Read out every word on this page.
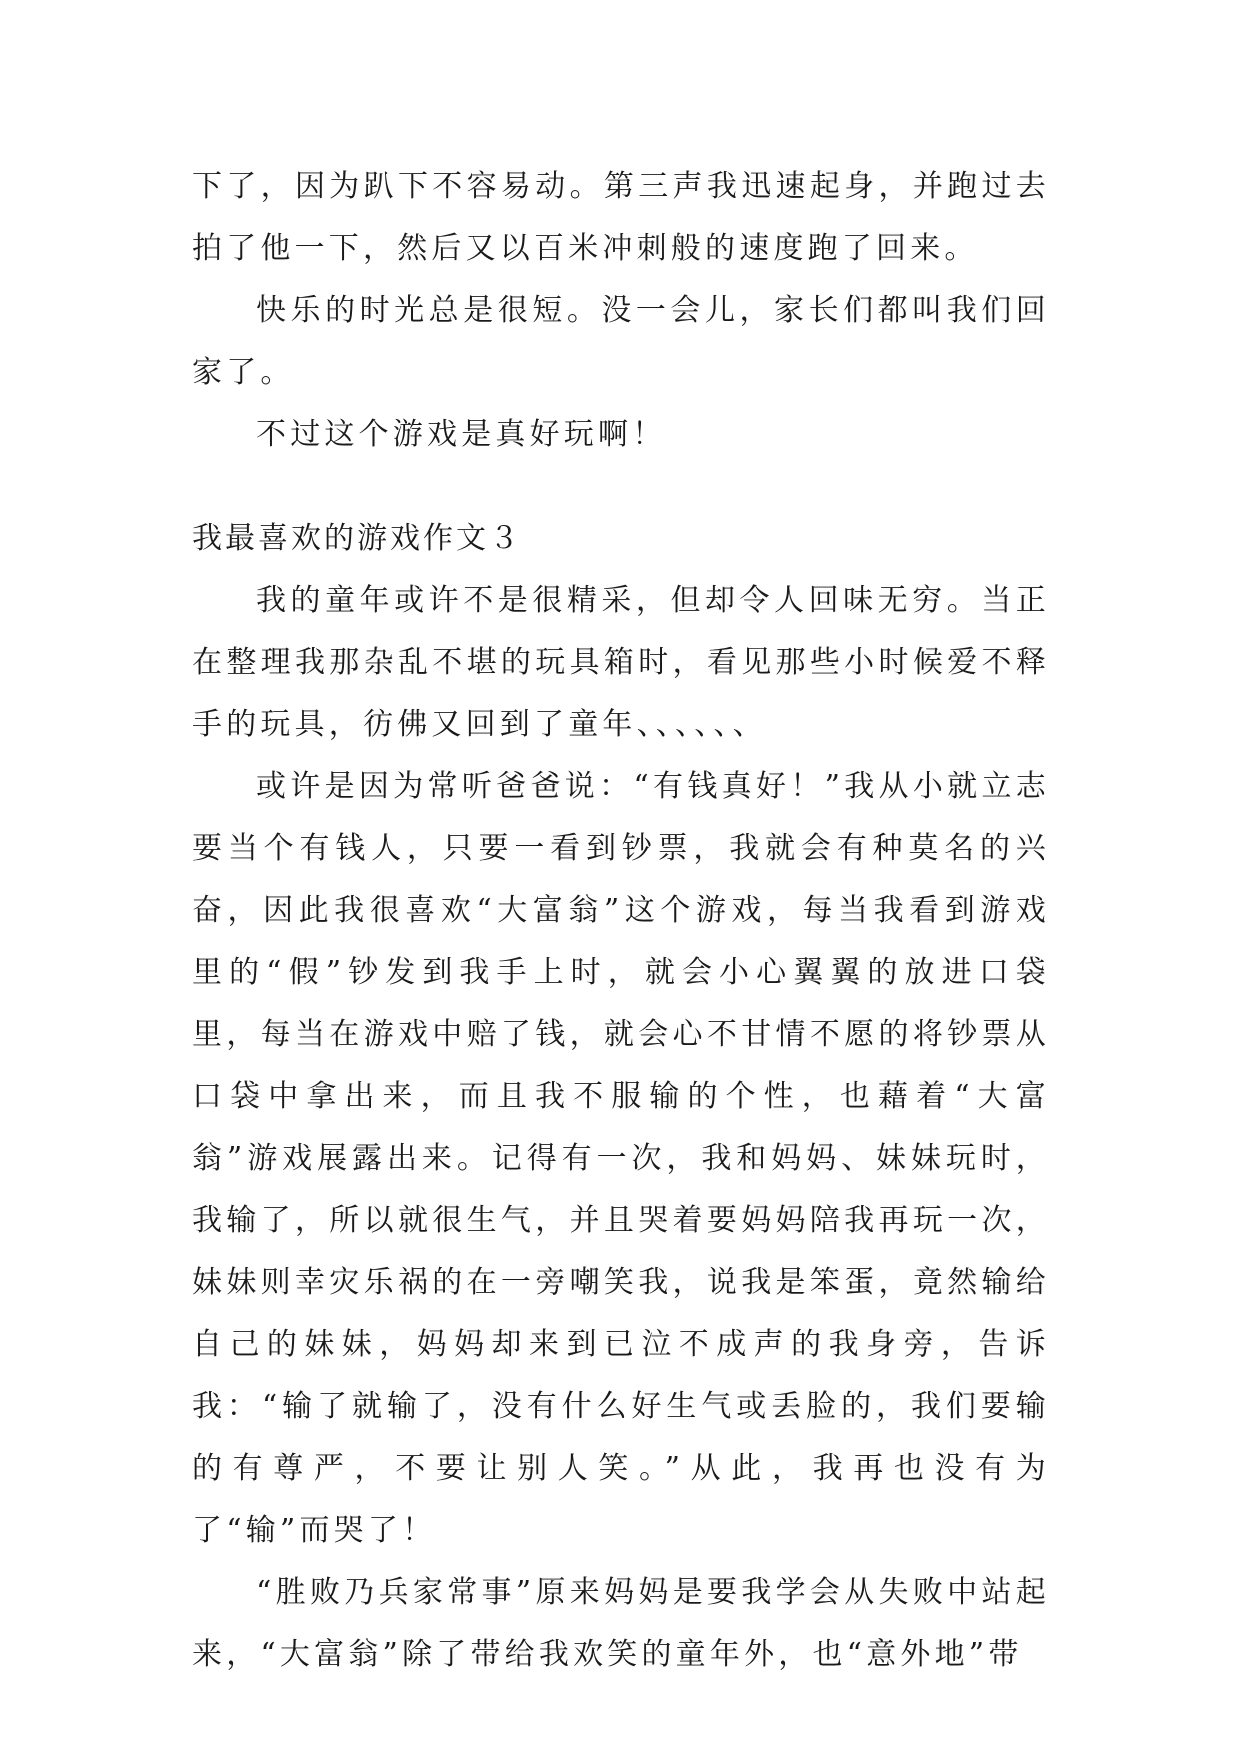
下了，因为趴下不容易动。第三声我迅速起身，并跑过去拍了他一下，然后又以百米冲刺般的速度跑了回来。

快乐的时光总是很短。没一会儿，家长们都叫我们回家了。

不过这个游戏是真好玩啊！

我最喜欢的游戏作文３

我的童年或许不是很精采，但却令人回味无穷。当正在整理我那杂乱不堪的玩具箱时，看见那些小时候爱不释手的玩具，彷佛又回到了童年、、、、、、

或许是因为常听爸爸说：“有钱真好！”我从小就立志要当个有钱人，只要一看到钞票，我就会有种莫名的兴奋，因此我很喜欢“大富翁”这个游戏，每当我看到游戏里的“假”钞发到我手上时，就会小心翼翼的放进口袋里，每当在游戏中赔了钱，就会心不甘情不愿的将钞票从口袋中拿出来，而且我不服输的个性，也藉着“大富翁”游戏展露出来。记得有一次，我和妈妈、妹妹玩时，我输了，所以就很生气，并且哭着要妈妈陪我再玩一次，妹妹则幸灾乐祸的在一旁嘲笑我，说我是笨蛋，竟然输给自己的妹妹，妈妈却来到已泣不成声的我身旁，告诉我：“输了就输了，没有什么好生气或丢脸的，我们要输的有尊严，不要让别人笑。”从此，我再也没有为了“输”而哭了！

“胜败乃兵家常事”原来妈妈是要我学会从失败中站起来，“大富翁”除了带给我欢笑的童年外，也“意外地”带
